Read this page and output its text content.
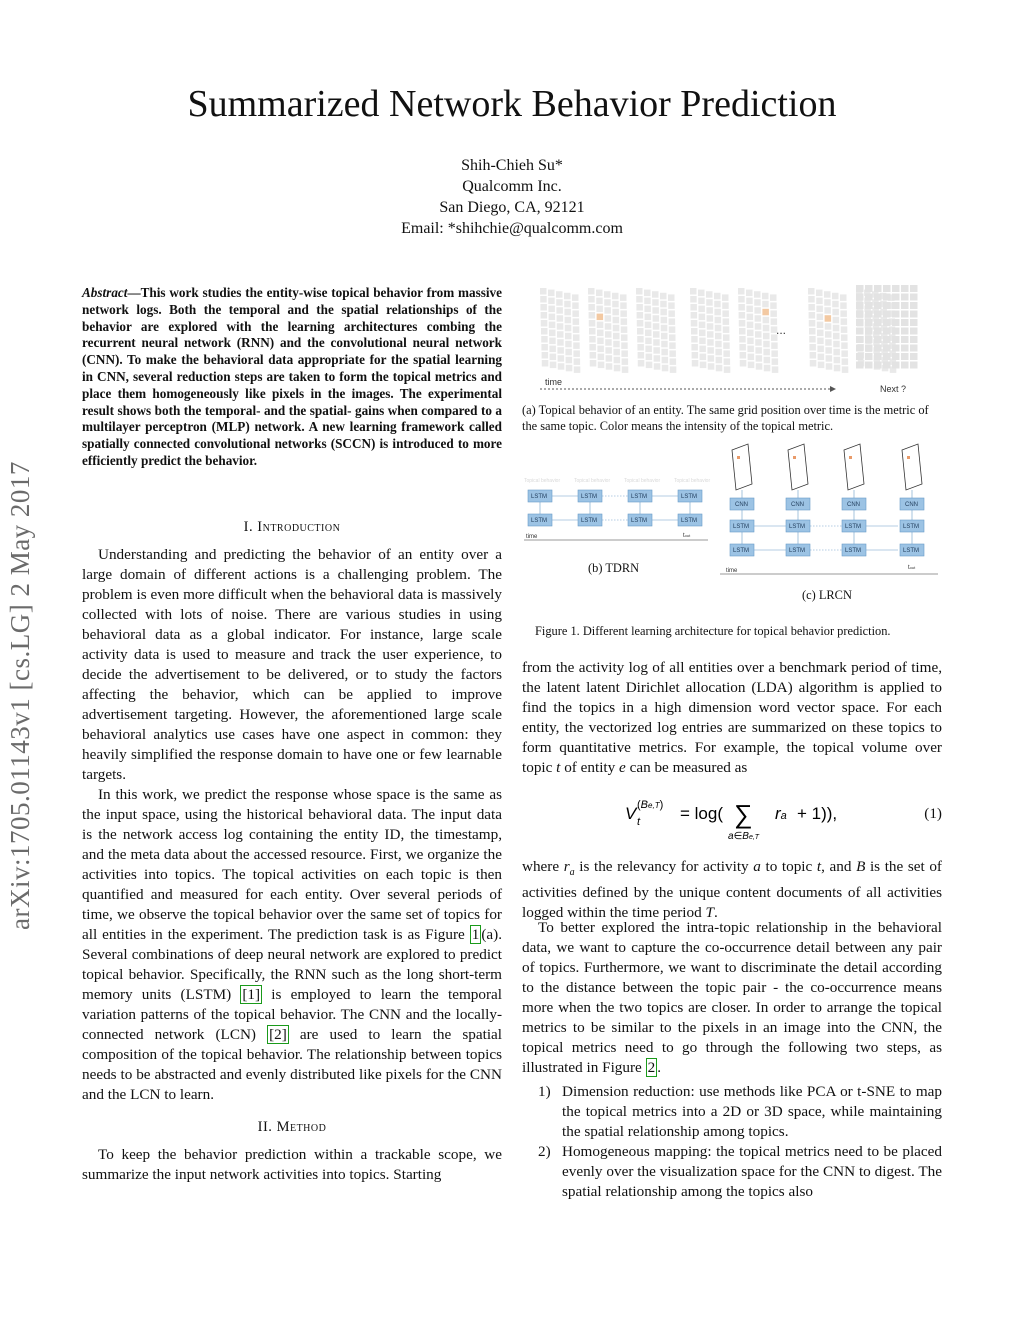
Summarized Network Behavior Prediction
Shih-Chieh Su*
Qualcomm Inc.
San Diego, CA, 92121
Email: *shihchie@qualcomm.com
arXiv:1705.01143v1 [cs.LG] 2 May 2017
Abstract—This work studies the entity-wise topical behavior from massive network logs. Both the temporal and the spatial relationships of the behavior are explored with the learning architectures combing the recurrent neural network (RNN) and the convolutional neural network (CNN). To make the behavioral data appropriate for the spatial learning in CNN, several reduction steps are taken to form the topical metrics and place them homogeneously like pixels in the images. The experimental result shows both the temporal- and the spatial- gains when compared to a multilayer perceptron (MLP) network. A new learning framework called spatially connected convolutional networks (SCCN) is introduced to more efficiently predict the behavior.
I. Introduction

Understanding and predicting the behavior of an entity over a large domain of different actions is a challenging problem. The problem is even more difficult when the behavioral data is massively collected with lots of noise. There are various studies in using behavioral data as a global indicator. For instance, large scale activity data is used to measure and track the user experience, to decide the advertisement to be delivered, or to study the factors affecting the behavior, which can be applied to improve advertisement targeting. However, the aforementioned large scale behavioral analytics use cases have one aspect in common: they heavily simplified the response domain to have one or few learnable targets.

In this work, we predict the response whose space is the same as the input space, using the historical behavioral data. The input data is the network access log containing the entity ID, the timestamp, and the meta data about the accessed resource. First, we organize the activities into topics. The topical activities on each topic is then quantified and measured for each entity. Over several periods of time, we observe the topical behavior over the same set of topics for all entities in the experiment. The prediction task is as Figure 1 (a). Several combinations of deep neural network are explored to predict topical behavior. Specifically, the RNN such as the long short-term memory units (LSTM) [1] is employed to learn the temporal variation patterns of the topical behavior. The CNN and the locally-connected network (LCN) [2] are used to learn the spatial composition of the topical behavior. The relationship between topics needs to be abstracted and evenly distributed like pixels for the CNN and the LCN to learn.

II. Method

To keep the behavior prediction within a trackable scope, we summarize the input network activities into topics. Starting

...
time
Next ?
(a) Topical behavior of an entity. The same grid position over time is the metric of the same topic. Color means the intensity of the topical metric.
Topical behavior
LSTM
LSTM
Topical behavior
LSTM
LSTM
Topical behavior
LSTM
LSTM
Topical behavior
LSTM
LSTM
time	tout
(b) TDRN
CNN
LSTM
LSTM
CNN
LSTM
LSTM
CNN
LSTM
LSTM
CNN
LSTM
LSTM
time	tout
(c) LRCN
Figure 1. Different learning architecture for topical behavior prediction.
from the activity log of all entities over a benchmark period of time, the latent latent Dirichlet allocation (LDA) algorithm is applied to find the topics in a high dimension word vector space. For each entity, the vectorized log entries are summarized on these topics to form quantitative metrics. For example, the topical volume over topic t of entity e can be measured as
V (Be,T)
t = log( ∑
a∈Be,T
ra + 1)),	(1)
where $r_a$ is the relevancy for activity a to topic t, and B is the set of activities defined by the unique content documents of all activities logged within the time period T.

To better explored the intra-topic relationship in the behavioral data, we want to capture the co-occurrence detail between any pair of topics. Furthermore, we want to discriminate the detail according to the distance between the topic pair - the co-occurrence means more when the two topics are closer. In order to arrange the topical metrics to be similar to the pixels in an image into the CNN, the topical metrics need to go through the following two steps, as illustrated in Figure 2 .

1) Dimension reduction: use methods like PCA or t-SNE to map the topical metrics into a 2D or 3D space, while maintaining the spatial relationship among topics.
2) Homogeneous mapping: the topical metrics need to be placed evenly over the visualization space for the CNN to digest. The spatial relationship among the topics also
